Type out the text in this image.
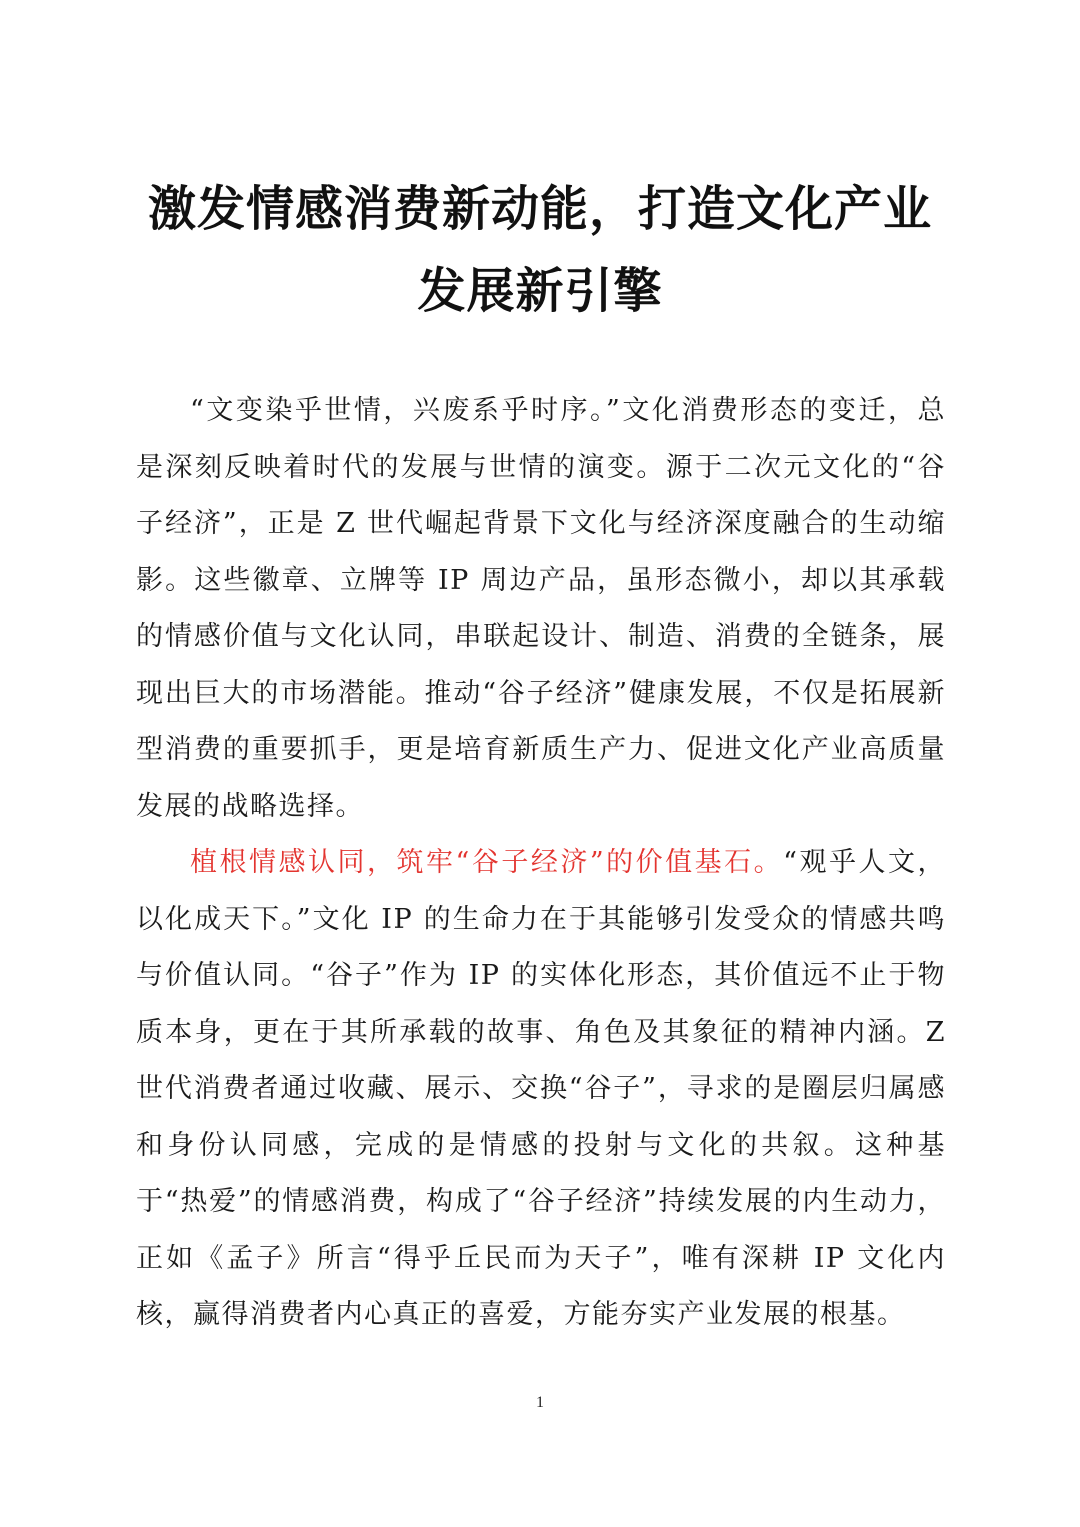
激发情感消费新动能，打造文化产业
发展新引擎

“文变染乎世情，兴废系乎时序。”文化消费形态的变迁，总是深刻反映着时代的发展与世情的演变。源于二次元文化的“谷子经济”，正是 Z 世代崛起背景下文化与经济深度融合的生动缩影。这些徽章、立牌等 IP 周边产品，虽形态微小，却以其承载的情感价值与文化认同，串联起设计、制造、消费的全链条，展现出巨大的市场潜能。推动“谷子经济”健康发展，不仅是拓展新型消费的重要抓手，更是培育新质生产力、促进文化产业高质量发展的战略选择。

植根情感认同，筑牢“谷子经济”的价值基石。“观乎人文，以化成天下。”文化 IP 的生命力在于其能够引发受众的情感共鸣与价值认同。“谷子”作为 IP 的实体化形态，其价值远不止于物质本身，更在于其所承载的故事、角色及其象征的精神内涵。Z 世代消费者通过收藏、展示、交换“谷子”，寻求的是圈层归属感和身份认同感，完成的是情感的投射与文化的共叙。这种基于“热爱”的情感消费，构成了“谷子经济”持续发展的内生动力，正如《孟子》所言“得乎丘民而为天子”，唯有深耕 IP 文化内核，赢得消费者内心真正的喜爱，方能夯实产业发展的根基。

1
